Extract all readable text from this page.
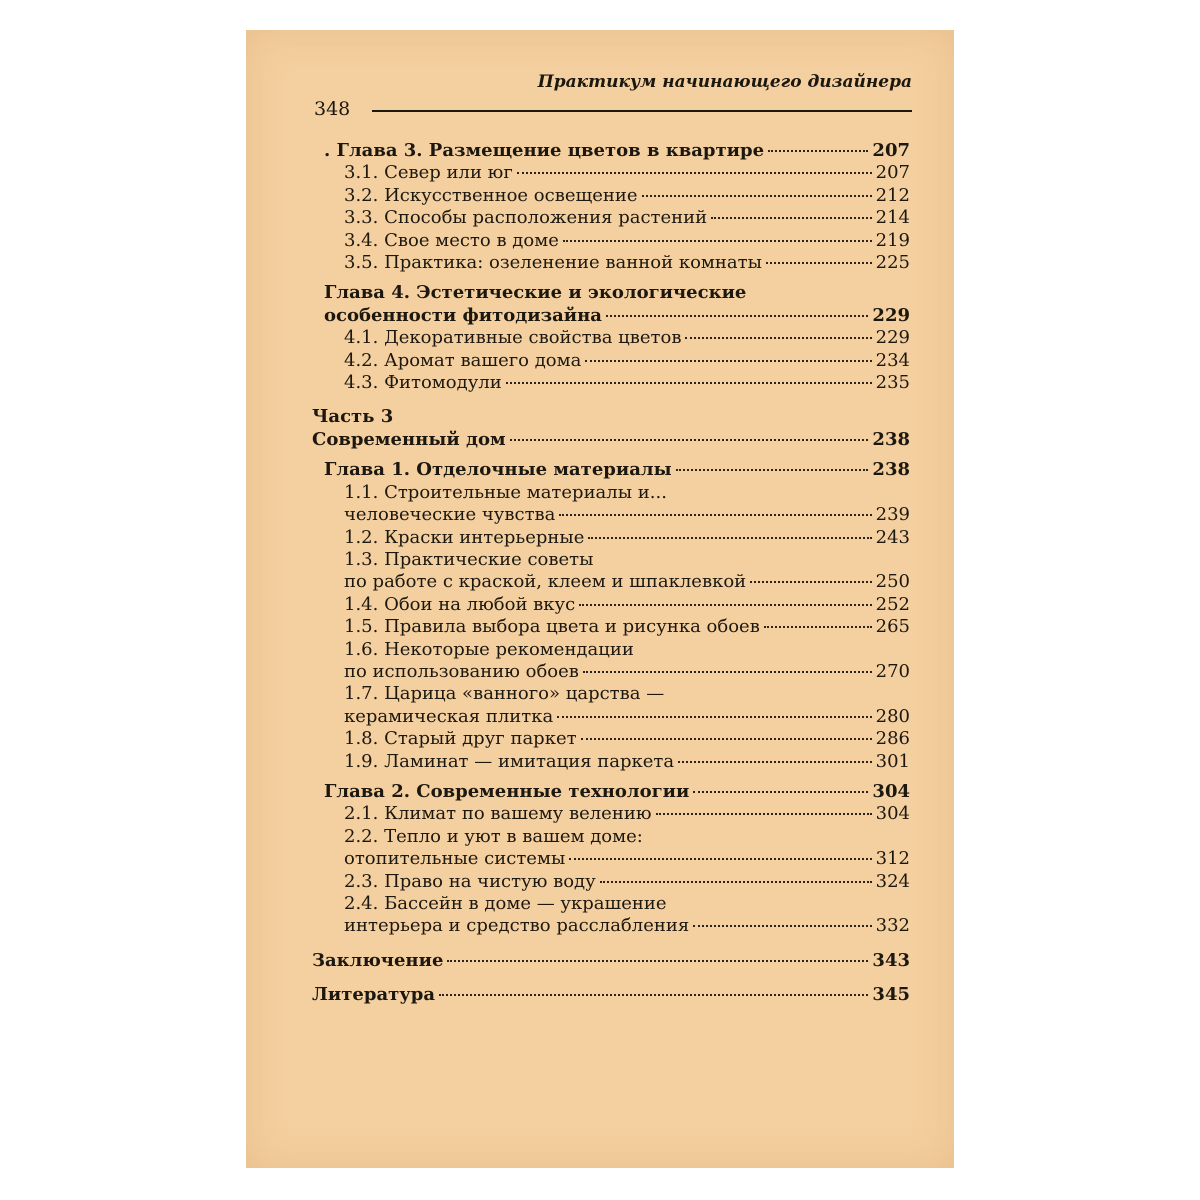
Практикум начинающего дизайнера
348
. Глава 3. Размещение цветов в квартире	207
3.1. Север или юг	207
3.2. Искусственное освещение	212
3.3. Способы расположения растений	214
3.4. Свое место в доме	219
3.5. Практика: озеленение ванной комнаты	225
Глава 4. Эстетические и экологические
особенности фитодизайна	229
4.1. Декоративные свойства цветов	229
4.2. Аромат вашего дома	234
4.3. Фитомодули	235
Часть 3
Современный дом	238
Глава 1. Отделочные материалы	238
1.1. Строительные материалы и...
человеческие чувства	239
1.2. Краски интерьерные	243
1.3. Практические советы
по работе с краской, клеем и шпаклевкой	250
1.4. Обои на любой вкус	252
1.5. Правила выбора цвета и рисунка обоев	265
1.6. Некоторые рекомендации
по использованию обоев	270
1.7. Царица «ванного» царства —
керамическая плитка	280
1.8. Старый друг паркет	286
1.9. Ламинат — имитация паркета	301
Глава 2. Современные технологии	304
2.1. Климат по вашему велению	304
2.2. Тепло и уют в вашем доме:
отопительные системы	312
2.3. Право на чистую воду	324
2.4. Бассейн в доме — украшение
интерьера и средство расслабления	332
Заключение	343
Литература	345
